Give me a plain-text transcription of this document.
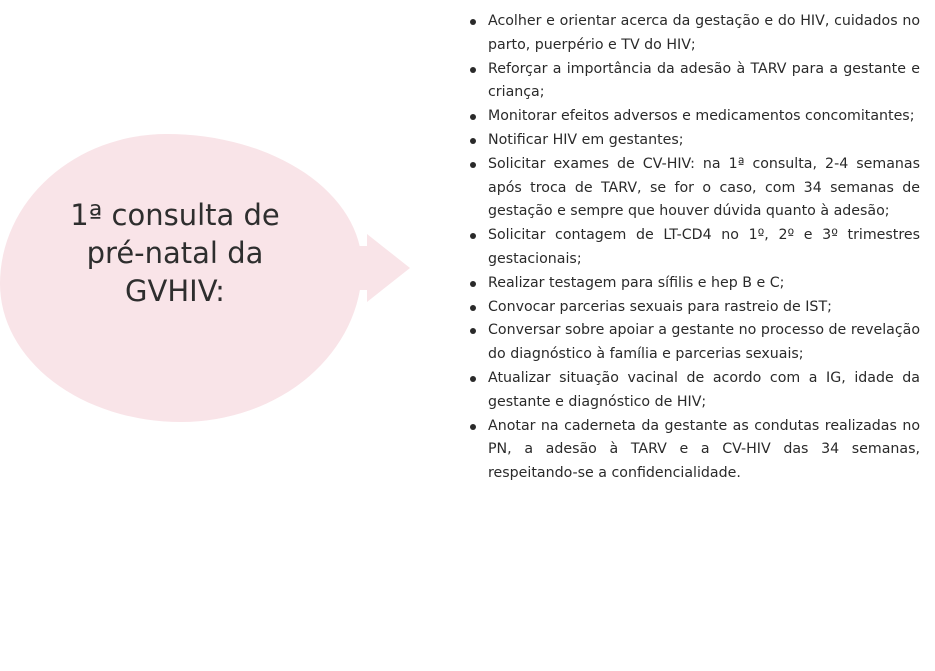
1ª consulta de
pré-natal da
GVHIV:
Acolher e orientar acerca da gestação e do HIV, cuidados no parto, puerpério e TV do HIV;
Reforçar a importância da adesão à TARV para a gestante e criança;
Monitorar efeitos adversos e medicamentos concomitantes;
Notificar HIV em gestantes;
Solicitar exames de CV-HIV: na 1ª consulta, 2-4 semanas após troca de TARV, se for o caso, com 34 semanas de gestação e sempre que houver dúvida quanto à adesão;
Solicitar contagem de LT-CD4 no 1º, 2º e 3º trimestres gestacionais;
Realizar testagem para sífilis e hep B e C;
Convocar parcerias sexuais para rastreio de IST;
Conversar sobre apoiar a gestante no processo de revelação do diagnóstico à família e parcerias sexuais;
Atualizar situação vacinal de acordo com a IG, idade da gestante e diagnóstico de HIV;
Anotar na caderneta da gestante as condutas realizadas no PN, a adesão à TARV e a CV-HIV das 34 semanas, respeitando-se a confidencialidade.
